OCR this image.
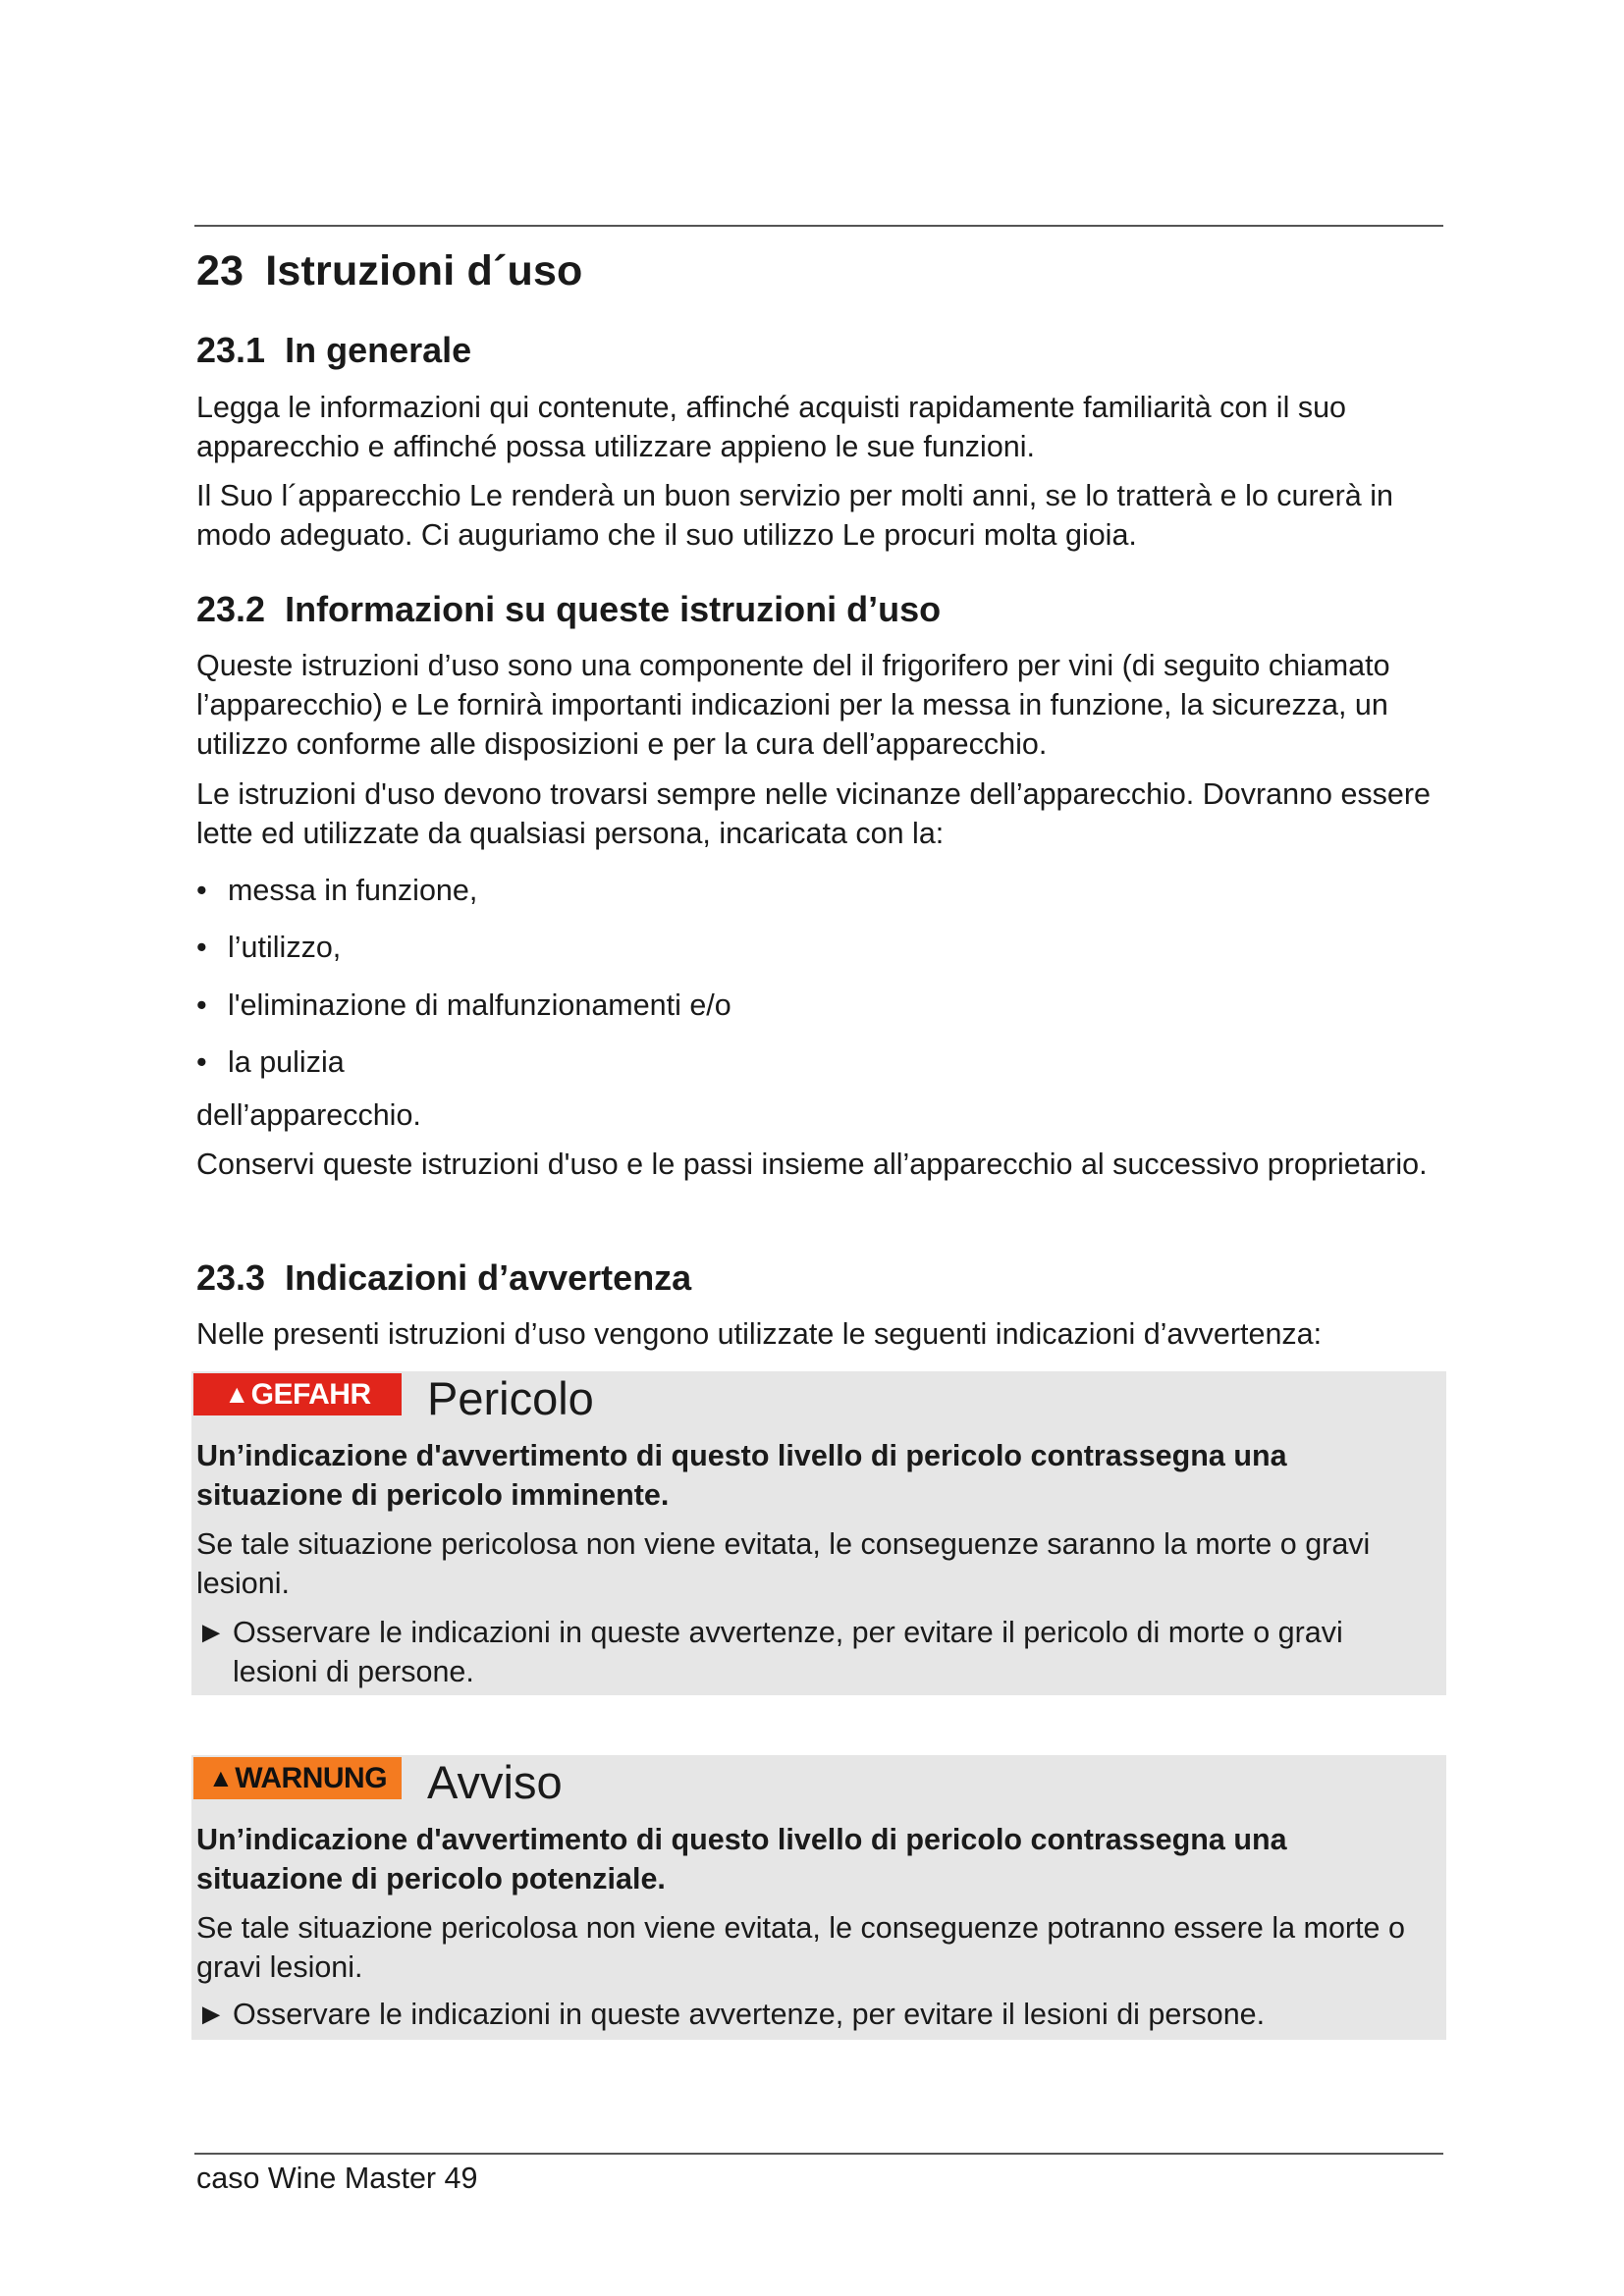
23 Istruzioni d´uso
23.1 In generale

Legga le informazioni qui contenute, affinché acquisti rapidamente familiarità con il suo apparecchio e affinché possa utilizzare appieno le sue funzioni.

Il Suo l´apparecchio Le renderà un buon servizio per molti anni, se lo tratterà e lo curerà in modo adeguato. Ci auguriamo che il suo utilizzo Le procuri molta gioia.

23.2 Informazioni su queste istruzioni d’uso

Queste istruzioni d’uso sono una componente del il frigorifero per vini (di seguito chiamato l’apparecchio) e Le fornirà importanti indicazioni per la messa in funzione, la sicurezza, un utilizzo conforme alle disposizioni e per la cura dell’apparecchio.

Le istruzioni d'uso devono trovarsi sempre nelle vicinanze dell’apparecchio. Dovranno essere lette ed utilizzate da qualsiasi persona, incaricata con la:

• messa in funzione,

• l’utilizzo,

• l'eliminazione di malfunzionamenti e/o

• la pulizia

dell’apparecchio.

Conservi queste istruzioni d'uso e le passi insieme all’apparecchio al successivo proprietario.

23.3 Indicazioni d’avvertenza

Nelle presenti istruzioni d’uso vengono utilizzate le seguenti indicazioni d’avvertenza:

▲ GEFAHR Pericolo

Un’indicazione d'avvertimento di questo livello di pericolo contrassegna una situazione di pericolo imminente.

Se tale situazione pericolosa non viene evitata, le conseguenze saranno la morte o gravi lesioni.

► Osservare le indicazioni in queste avvertenze, per evitare il pericolo di morte o gravi lesioni di persone.

▲ WARNUNG Avviso

Un’indicazione d'avvertimento di questo livello di pericolo contrassegna una situazione di pericolo potenziale.

Se tale situazione pericolosa non viene evitata, le conseguenze potranno essere la morte o gravi lesioni.

► Osservare le indicazioni in queste avvertenze, per evitare il lesioni di persone.

caso Wine Master 49
